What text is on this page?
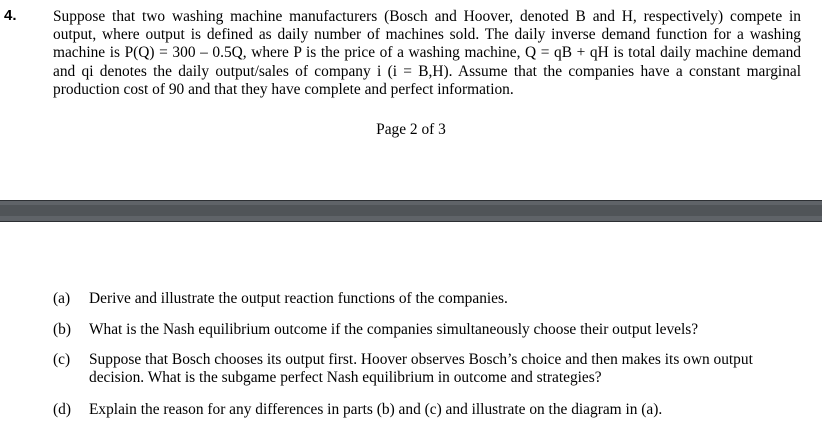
4. Suppose that two washing machine manufacturers (Bosch and Hoover, denoted B and H, respectively) compete in output, where output is defined as daily number of machines sold. The daily inverse demand function for a washing machine is P(Q) = 300 – 0.5Q, where P is the price of a washing machine, Q = qB + qH is total daily machine demand and qi denotes the daily output/sales of company i (i = B,H). Assume that the companies have a constant marginal production cost of 90 and that they have complete and perfect information.
Page 2 of 3
(a) Derive and illustrate the output reaction functions of the companies.
(b) What is the Nash equilibrium outcome if the companies simultaneously choose their output levels?
(c) Suppose that Bosch chooses its output first. Hoover observes Bosch’s choice and then makes its own output decision. What is the subgame perfect Nash equilibrium in outcome and strategies?
(d) Explain the reason for any differences in parts (b) and (c) and illustrate on the diagram in (a).
